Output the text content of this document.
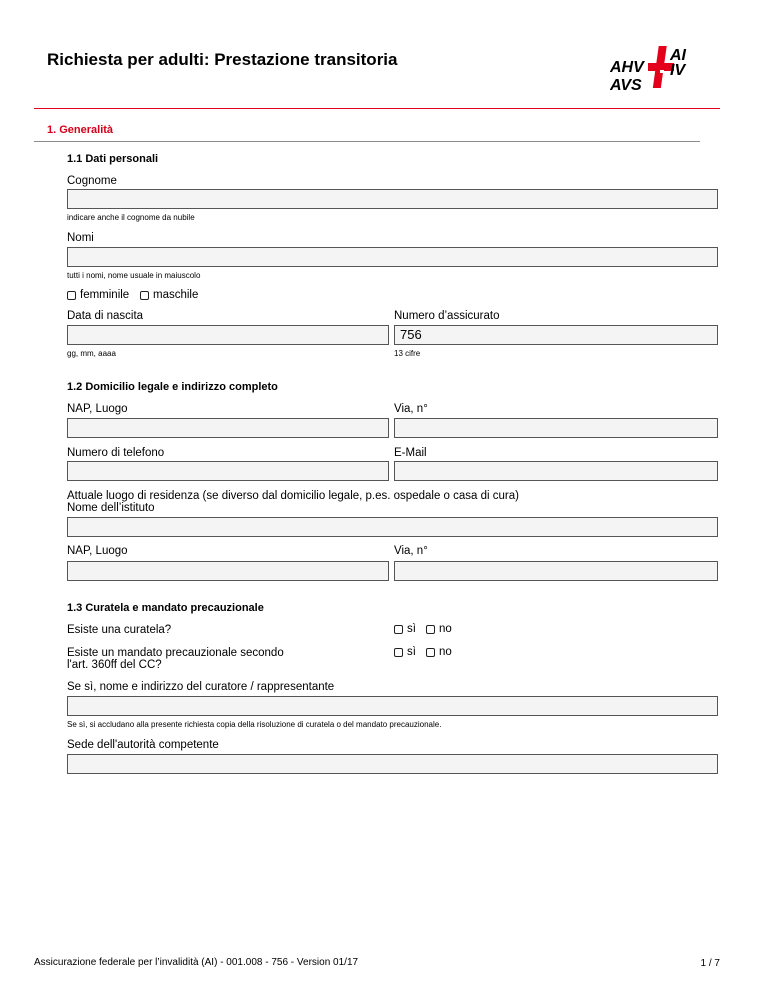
Richiesta per adulti: Prestazione transitoria	AHV
AVS
AI
IV
1. Generalità
1.1 Dati personali
Cognome
indicare anche il cognome da nubile
Nomi
tutti i nomi, nome usuale in maiuscolo
femminile maschile
Data di nascita	Numero d’assicurato
756
gg, mm, aaaa	13 cifre
1.2 Domicilio legale e indirizzo completo
NAP, Luogo	Via, n°
Numero di telefono	E-Mail
Attuale luogo di residenza (se diverso dal domicilio legale, p.es. ospedale o casa di cura)
Nome dell’istituto
NAP, Luogo	Via, n°
1.3 Curatela e mandato precauzionale
Esiste una curatela?	sì no
Esiste un mandato precauzionale secondo
l'art. 360ff del CC?
sì no
Se sì, nome e indirizzo del curatore / rappresentante
Se sì, si accludano alla presente richiesta copia della risoluzione di curatela o del mandato precauzionale.
Sede dell'autorità competente
Assicurazione federale per l’invalidità (AI) - 001.008 - 756 - Version 01/17	1 / 7
